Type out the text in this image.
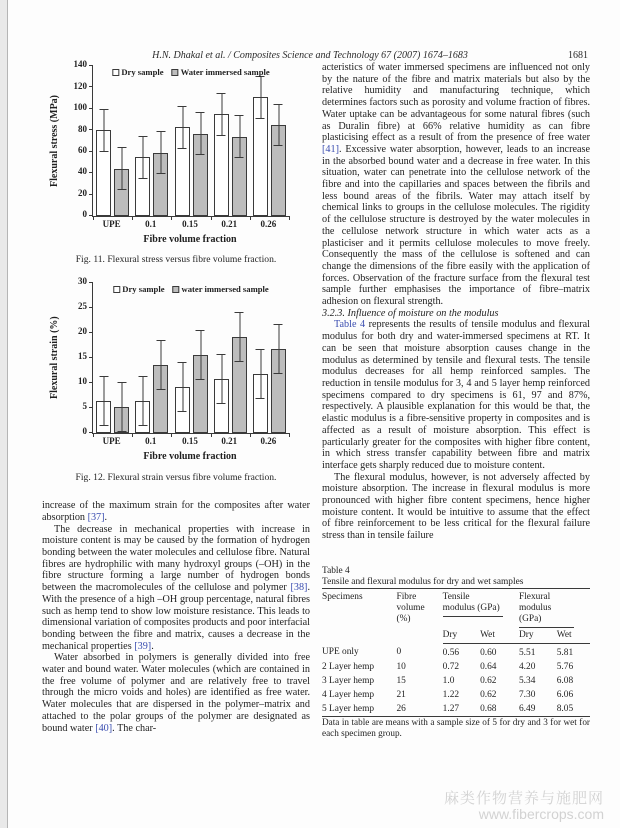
H.N. Dhakal et al. / Composites Science and Technology 67 (2007) 1674–1683	1681
Flexural stress (MPa)
0
20
40
60
80
100
120
140
Dry sample Water immersed sample
UPE	0.1	0.15	0.21	0.26
Fibre volume fraction
Fig. 11. Flexural stress versus fibre volume fraction.
Flexural strain (%)
0
5
10
15
20
25
30
Dry sample water immersed sample
UPE	0.1	0.15	0.21	0.26
Fibre volume fraction
Fig. 12. Flexural strain versus fibre volume fraction.

increase of the maximum strain for the composites after water absorption [37].

The decrease in mechanical properties with increase in moisture content is may be caused by the formation of hydrogen bonding between the water molecules and cellulose fibre. Natural fibres are hydrophilic with many hydroxyl groups (–OH) in the fibre structure forming a large number of hydrogen bonds between the macromolecules of the cellulose and polymer [38]. With the presence of a high –OH group percentage, natural fibres such as hemp tend to show low moisture resistance. This leads to dimensional variation of composites products and poor interfacial bonding between the fibre and matrix, causes a decrease in the mechanical properties [39].

Water absorbed in polymers is generally divided into free water and bound water. Water molecules (which are contained in the free volume of polymer and are relatively free to travel through the micro voids and holes) are identified as free water. Water molecules that are dispersed in the polymer–matrix and attached to the polar groups of the polymer are designated as bound water [40]. The char-

acteristics of water immersed specimens are influenced not only by the nature of the fibre and matrix materials but also by the relative humidity and manufacturing technique, which determines factors such as porosity and volume fraction of fibres. Water uptake can be advantageous for some natural fibres (such as Duralin fibre) at 66% relative humidity as can fibre plasticising effect as a result of from the presence of free water [41]. Excessive water absorption, however, leads to an increase in the absorbed bound water and a decrease in free water. In this situation, water can penetrate into the cellulose network of the fibre and into the capillaries and spaces between the fibrils and less bound areas of the fibrils. Water may attach itself by chemical links to groups in the cellulose molecules. The rigidity of the cellulose structure is destroyed by the water molecules in the cellulose network structure in which water acts as a plasticiser and it permits cellulose molecules to move freely. Consequently the mass of the cellulose is softened and can change the dimensions of the fibre easily with the application of forces. Observation of the fracture surface from the flexural test sample further emphasises the importance of fibre–matrix adhesion on flexural strength.

3.2.3. Influence of moisture on the modulus

Table 4 represents the results of tensile modulus and flexural modulus for both dry and water-immersed specimens at RT. It can be seen that moisture absorption causes change in the modulus as determined by tensile and flexural tests. The tensile modulus decreases for all hemp reinforced samples. The reduction in tensile modulus for 3, 4 and 5 layer hemp reinforced specimens compared to dry specimens is 61, 97 and 87%, respectively. A plausible explanation for this would be that, the elastic modulus is a fibre-sensitive property in composites and is affected as a result of moisture absorption. This effect is particularly greater for the composites with higher fibre content, in which stress transfer capability between fibre and matrix interface gets sharply reduced due to moisture content.

The flexural modulus, however, is not adversely affected by moisture absorption. The increase in flexural modulus is more pronounced with higher fibre content specimens, hence higher moisture content. It would be intuitive to assume that the effect of fibre reinforcement to be less critical for the flexural failure stress than in tensile failure

Table 4

Tensile and flexural modulus for dry and wet samples

Specimens	Fibre volume (%)	Tensile modulus (GPa)		Flexural modulus (GPa)	

		Dry	Wet	Dry	Wet
UPE only	0	0.56	0.60	5.51	5.81
2 Layer hemp	10	0.72	0.64	4.20	5.76
3 Layer hemp	15	1.0	0.62	5.34	6.08
4 Layer hemp	21	1.22	0.62	7.30	6.06
5 Layer hemp	26	1.27	0.68	6.49	8.05

Data in table are means with a sample size of 5 for dry and 3 for wet for each specimen group.

麻类作物营养与施肥网
www.fibercrops.com
